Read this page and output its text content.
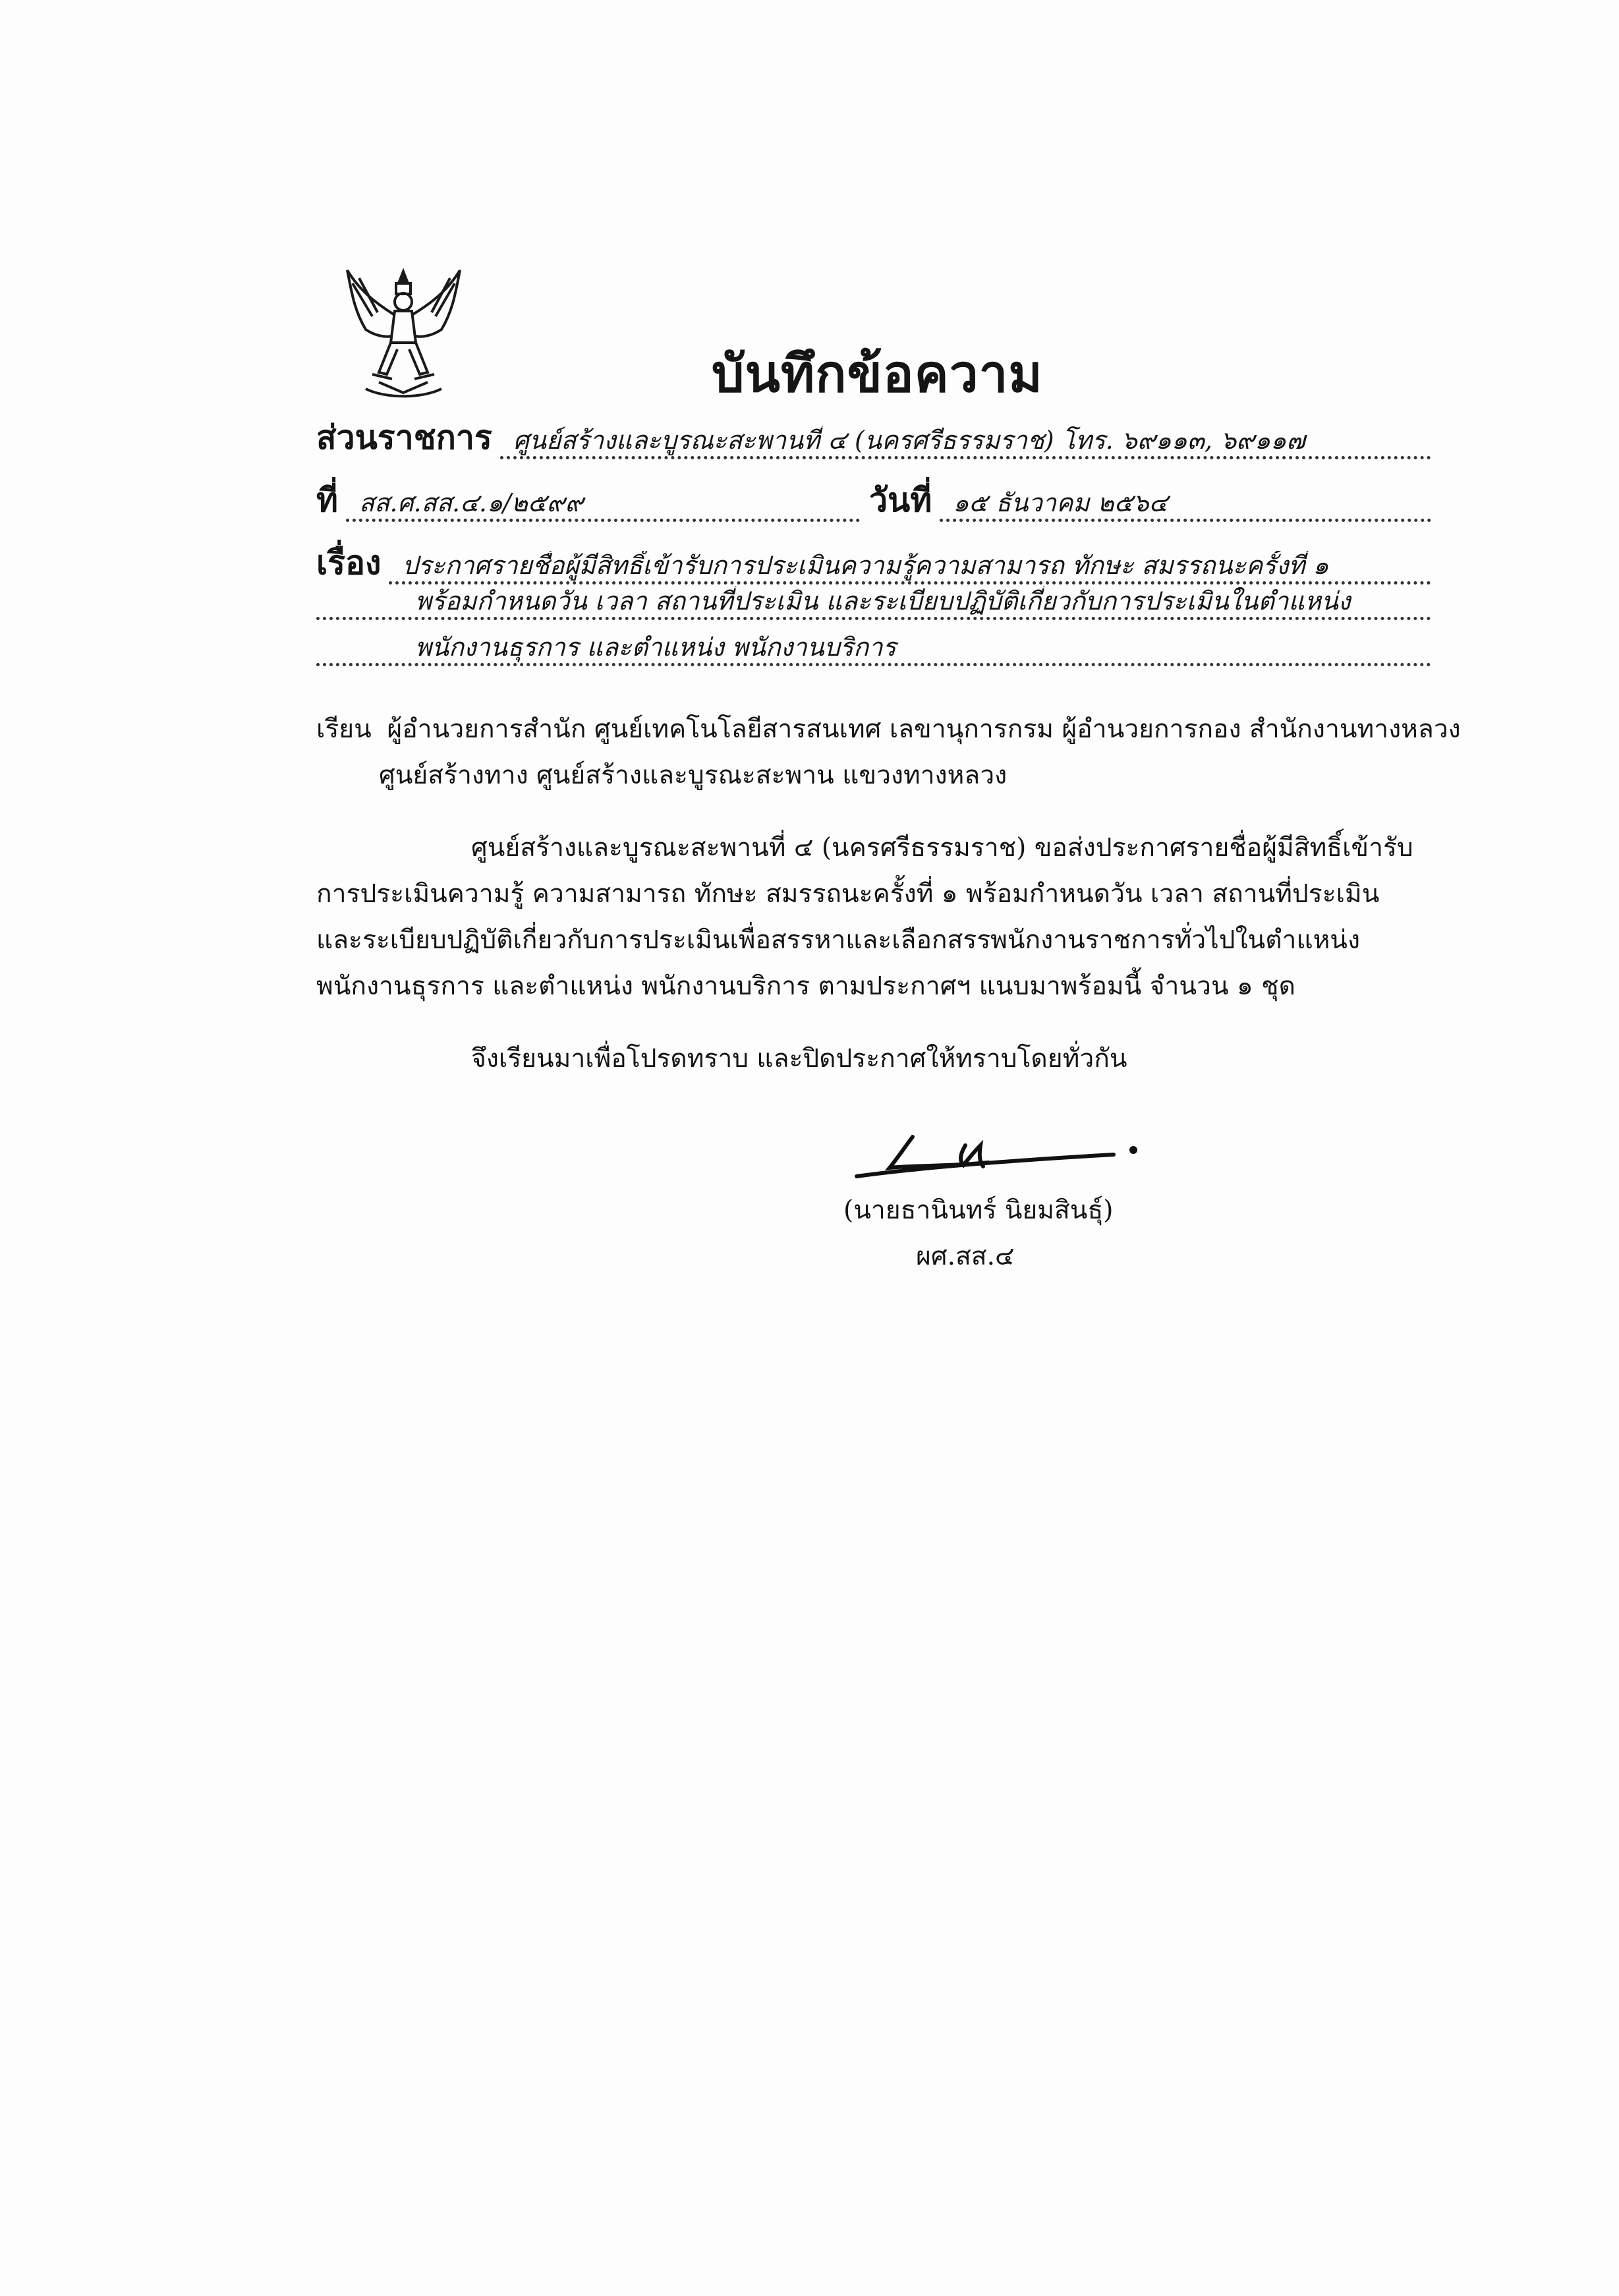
บันทึกข้อความ
ส่วนราชการ ศูนย์สร้างและบูรณะสะพานที่ ๔ (นครศรีธรรมราช) โทร. ๖๙๑๑๓, ๖๙๑๑๗
ที่ สส.ศ.สส.๔.๑/๒๕๙๙	วันที่ ๑๕ ธันวาคม ๒๕๖๔
เรื่อง ประกาศรายชื่อผู้มีสิทธิ์เข้ารับการประเมินความรู้ความสามารถ ทักษะ สมรรถนะครั้งที่ ๑
พร้อมกำหนดวัน เวลา สถานที่ประเมิน และระเบียบปฏิบัติเกี่ยวกับการประเมินในตำแหน่ง
พนักงานธุรการ และตำแหน่ง พนักงานบริการ
เรียน ผู้อำนวยการสำนัก ศูนย์เทคโนโลยีสารสนเทศ เลขานุการกรม ผู้อำนวยการกอง สำนักงานทางหลวง
ศูนย์สร้างทาง ศูนย์สร้างและบูรณะสะพาน แขวงทางหลวง
ศูนย์สร้างและบูรณะสะพานที่ ๔ (นครศรีธรรมราช) ขอส่งประกาศรายชื่อผู้มีสิทธิ์เข้ารับ
การประเมินความรู้ ความสามารถ ทักษะ สมรรถนะครั้งที่ ๑ พร้อมกำหนดวัน เวลา สถานที่ประเมิน
และระเบียบปฏิบัติเกี่ยวกับการประเมินเพื่อสรรหาและเลือกสรรพนักงานราชการทั่วไปในตำแหน่ง
พนักงานธุรการ และตำแหน่ง พนักงานบริการ ตามประกาศฯ แนบมาพร้อมนี้ จำนวน ๑ ชุด
จึงเรียนมาเพื่อโปรดทราบ และปิดประกาศให้ทราบโดยทั่วกัน
(นายธานินทร์ นิยมสินธุ์)
ผศ.สส.๔
